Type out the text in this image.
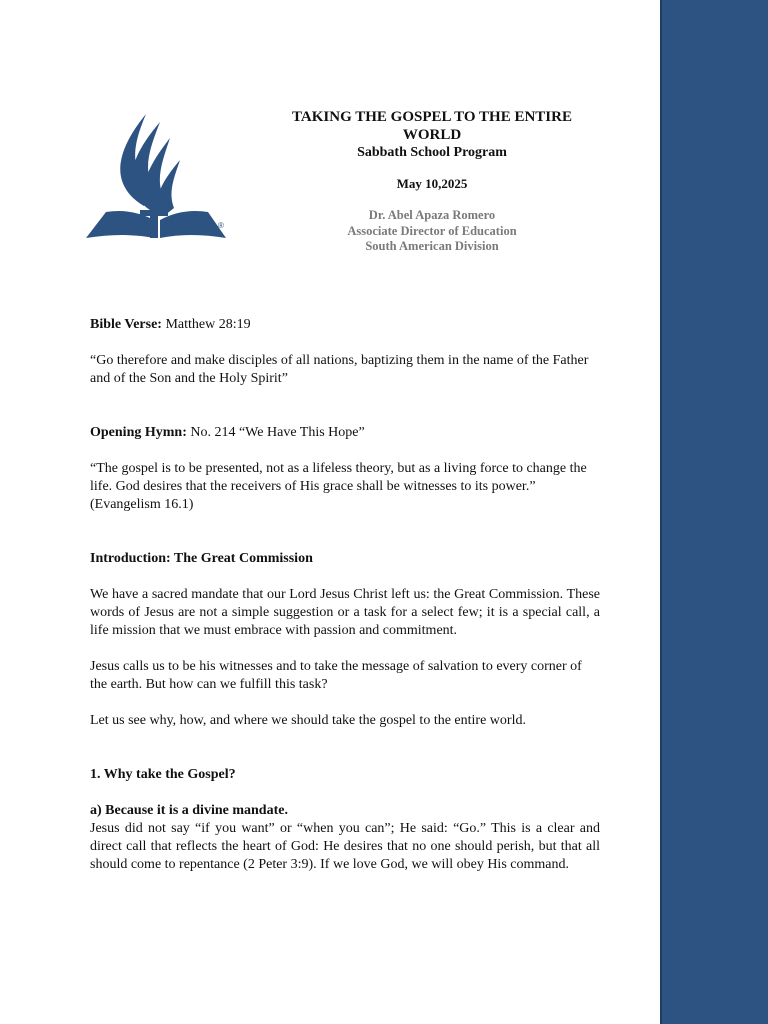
®
TAKING THE GOSPEL TO THE ENTIRE
WORLD
Sabbath School Program
May 10,2025
Dr. Abel Apaza Romero
Associate Director of Education
South American Division

Bible Verse: Matthew 28:19

“Go therefore and make disciples of all nations, baptizing them in the name of the Father and of the Son and the Holy Spirit”

Opening Hymn: No. 214 “We Have This Hope”

“The gospel is to be presented, not as a lifeless theory, but as a living force to change the life. God desires that the receivers of His grace shall be witnesses to its power.” (Evangelism 16.1)

Introduction: The Great Commission

We have a sacred mandate that our Lord Jesus Christ left us: the Great Commission. These words of Jesus are not a simple suggestion or a task for a select few; it is a special call, a life mission that we must embrace with passion and commitment.

Jesus calls us to be his witnesses and to take the message of salvation to every corner of the earth. But how can we fulfill this task?

Let us see why, how, and where we should take the gospel to the entire world.

1. Why take the Gospel?

a) Because it is a divine mandate.

Jesus did not say “if you want” or “when you can”; He said: “Go.” This is a clear and direct call that reflects the heart of God: He desires that no one should perish, but that all should come to repentance (2 Peter 3:9). If we love God, we will obey His command.
